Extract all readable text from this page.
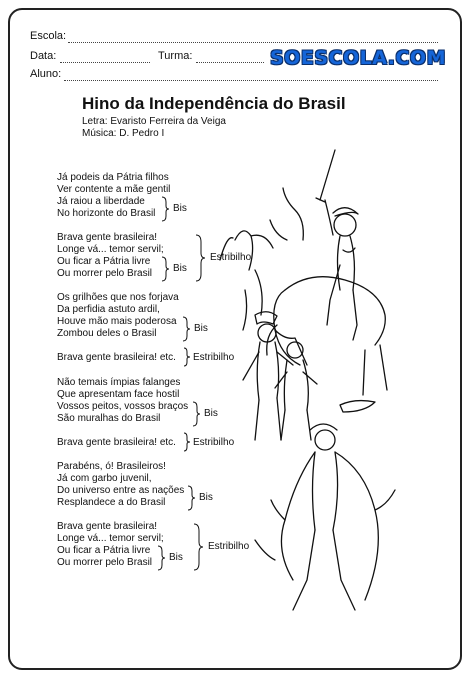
Escola:
Data:	Turma:
Aluno:
SOESCOLA.COM
Hino da Independência do Brasil
Letra: Evaristo Ferreira da Veiga
Música: D. Pedro I
Já podeis da Pátria filhos
Ver contente a mãe gentil
Já raiou a liberdade
No horizonte do Brasil	Bis
Brava gente brasileira!
Longe vá... temor servil;
Ou ficar a Pátria livre
Ou morrer pelo Brasil	Bis
Estribilho
Os grilhões que nos forjava
Da perfidia astuto ardil,
Houve mão mais poderosa
Zombou deles o Brasil	Bis
Brava gente brasileira! etc. Estribilho
Não temais ímpias falanges
Que apresentam face hostil
Vossos peitos, vossos braços
São muralhas do Brasil	Bis
Brava gente brasileira! etc. Estribilho
Parabéns, ó! Brasileiros!
Já com garbo juvenil,
Do universo entre as nações
Resplandece a do Brasil	Bis
Brava gente brasileira!
Longe vá... temor servil;
Ou ficar a Pátria livre
Ou morrer pelo Brasil	Bis
Estribilho
